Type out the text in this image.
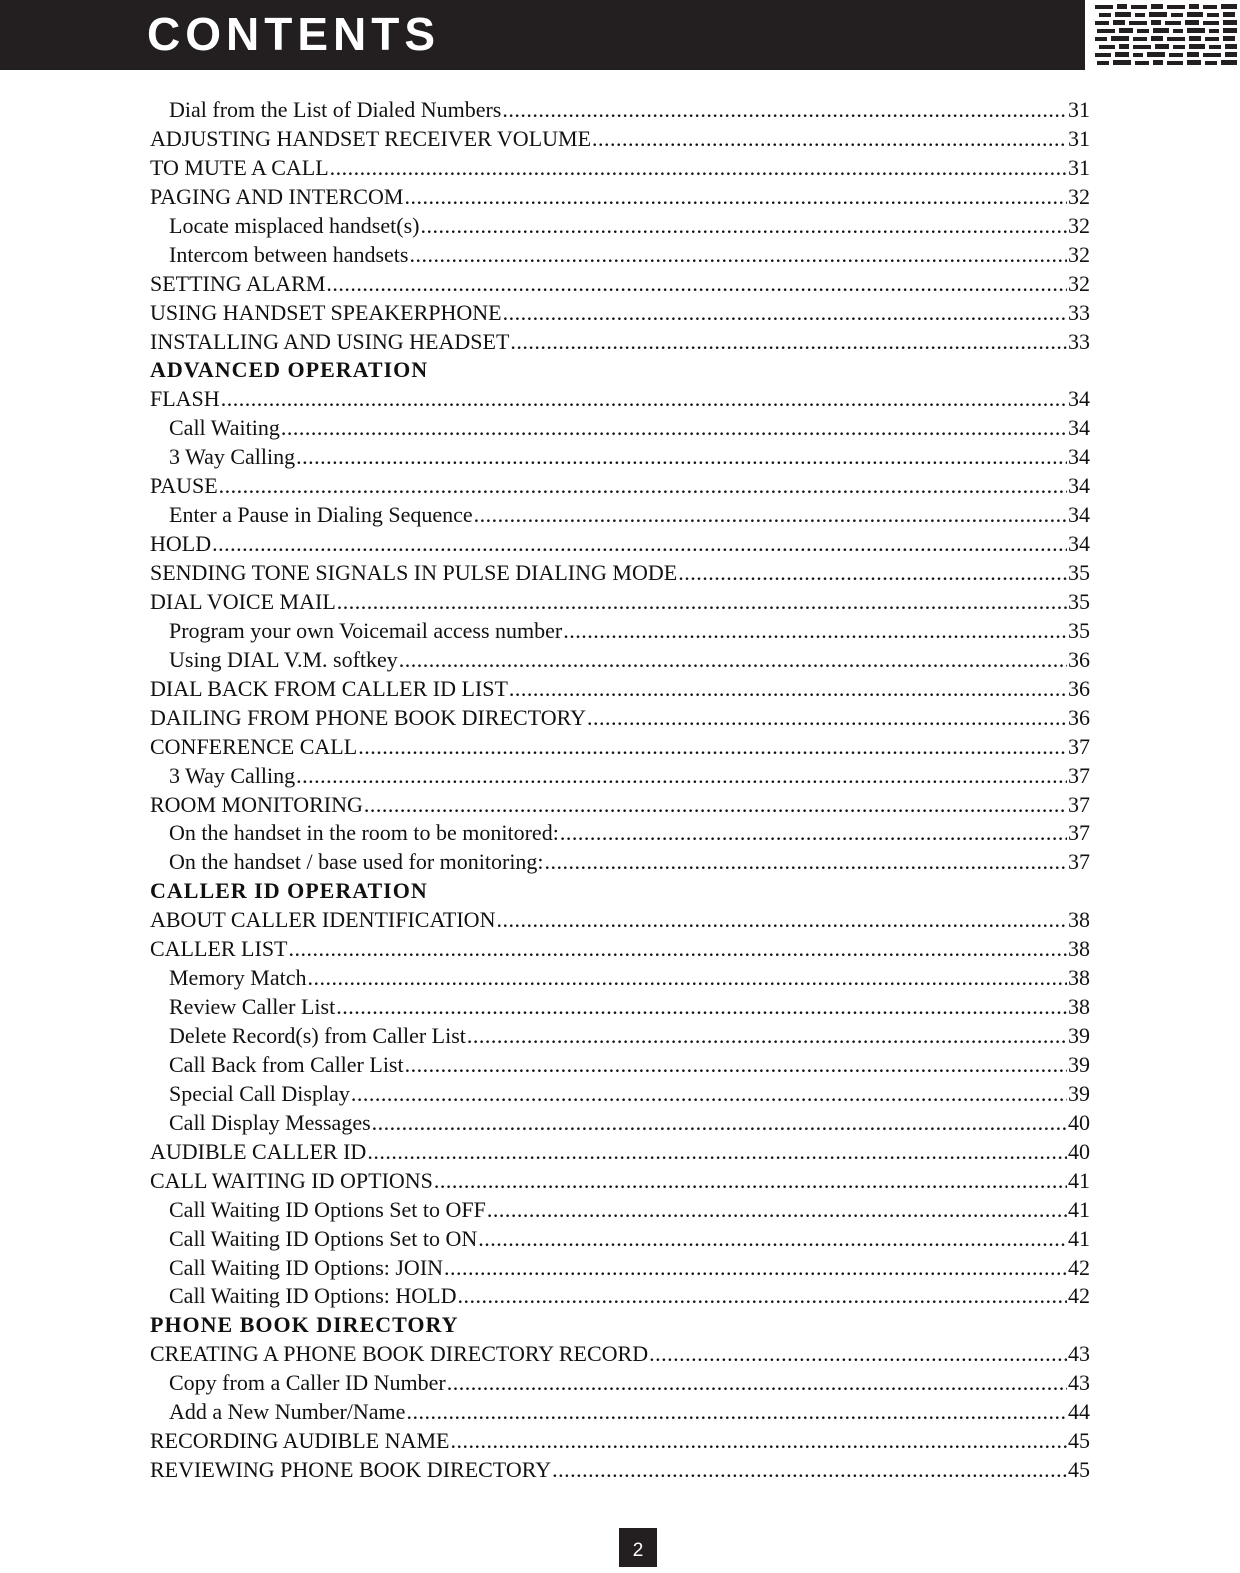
CONTENTS
Dial from the List of Dialed Numbers .....	31
ADJUSTING HANDSET RECEIVER VOLUME .....	31
TO MUTE A CALL .....	31
PAGING AND INTERCOM .....	32
Locate misplaced handset(s) .....	32
Intercom between handsets .....	32
SETTING ALARM .....	32
USING HANDSET SPEAKERPHONE .....	33
INSTALLING AND USING HEADSET .....	33
ADVANCED OPERATION
FLASH .....	34
Call Waiting .....	34
3 Way Calling .....	34
PAUSE .....	34
Enter a Pause in Dialing Sequence .....	34
HOLD .....	34
SENDING TONE SIGNALS IN PULSE DIALING MODE .....	35
DIAL VOICE MAIL .....	35
Program your own Voicemail access number .....	35
Using DIAL V.M. softkey .....	36
DIAL BACK FROM CALLER ID LIST .....	36
DAILING FROM PHONE BOOK DIRECTORY .....	36
CONFERENCE CALL .....	37
3 Way Calling .....	37
ROOM MONITORING .....	37
On the handset in the room to be monitored: .....	37
On the handset / base used for monitoring: .....	37
CALLER ID OPERATION
ABOUT CALLER IDENTIFICATION .....	38
CALLER LIST .....	38
Memory Match .....	38
Review Caller List .....	38
Delete Record(s) from Caller List .....	39
Call Back from Caller List .....	39
Special Call Display .....	39
Call Display Messages .....	40
AUDIBLE CALLER ID .....	40
CALL WAITING ID OPTIONS .....	41
Call Waiting ID Options Set to OFF .....	41
Call Waiting ID Options Set to ON .....	41
Call Waiting ID Options: JOIN .....	42
Call Waiting ID Options: HOLD .....	42
PHONE BOOK DIRECTORY
CREATING A PHONE BOOK DIRECTORY RECORD .....	43
Copy from a Caller ID Number .....	43
Add a New Number/Name .....	44
RECORDING AUDIBLE NAME .....	45
REVIEWING PHONE BOOK DIRECTORY .....	45
2
